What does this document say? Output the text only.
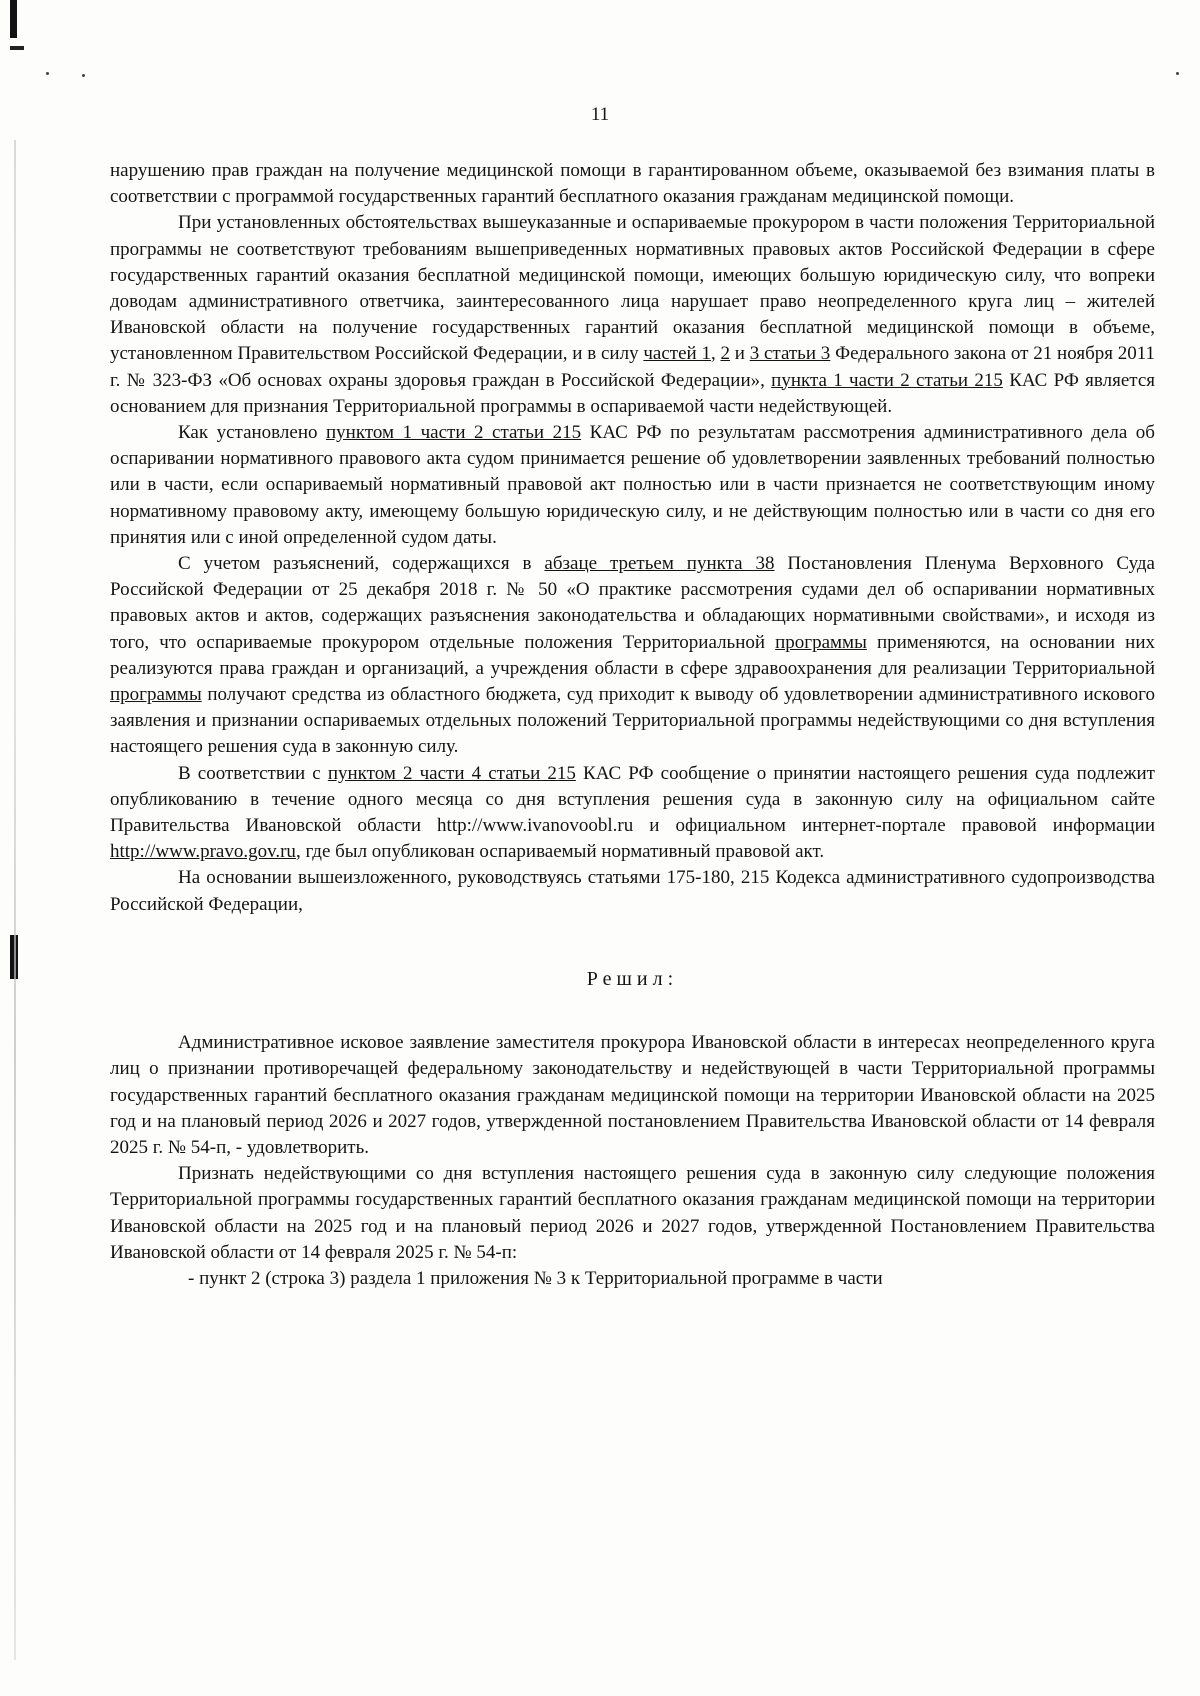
11

нарушению прав граждан на получение медицинской помощи в гарантированном объеме, оказываемой без взимания платы в соответствии с программой государственных гарантий бесплатного оказания гражданам медицинской помощи.

При установленных обстоятельствах вышеуказанные и оспариваемые прокурором в части положения Территориальной программы не соответствуют требованиям вышеприведенных нормативных правовых актов Российской Федерации в сфере государственных гарантий оказания бесплатной медицинской помощи, имеющих большую юридическую силу, что вопреки доводам административного ответчика, заинтересованного лица нарушает право неопределенного круга лиц – жителей Ивановской области на получение государственных гарантий оказания бесплатной медицинской помощи в объеме, установленном Правительством Российской Федерации, и в силу частей 1, 2 и 3 статьи 3 Федерального закона от 21 ноября 2011 г. № 323-ФЗ «Об основах охраны здоровья граждан в Российской Федерации», пункта 1 части 2 статьи 215 КАС РФ является основанием для признания Территориальной программы в оспариваемой части недействующей.

Как установлено пунктом 1 части 2 статьи 215 КАС РФ по результатам рассмотрения административного дела об оспаривании нормативного правового акта судом принимается решение об удовлетворении заявленных требований полностью или в части, если оспариваемый нормативный правовой акт полностью или в части признается не соответствующим иному нормативному правовому акту, имеющему большую юридическую силу, и не действующим полностью или в части со дня его принятия или с иной определенной судом даты.

С учетом разъяснений, содержащихся в абзаце третьем пункта 38 Постановления Пленума Верховного Суда Российской Федерации от 25 декабря 2018 г. № 50 «О практике рассмотрения судами дел об оспаривании нормативных правовых актов и актов, содержащих разъяснения законодательства и обладающих нормативными свойствами», и исходя из того, что оспариваемые прокурором отдельные положения Территориальной программы применяются, на основании них реализуются права граждан и организаций, а учреждения области в сфере здравоохранения для реализации Территориальной программы получают средства из областного бюджета, суд приходит к выводу об удовлетворении административного искового заявления и признании оспариваемых отдельных положений Территориальной программы недействующими со дня вступления настоящего решения суда в законную силу.

В соответствии с пунктом 2 части 4 статьи 215 КАС РФ сообщение о принятии настоящего решения суда подлежит опубликованию в течение одного месяца со дня вступления решения суда в законную силу на официальном сайте Правительства Ивановской области http://www.ivanovoobl.ru и официальном интернет-портале правовой информации http://www.pravo.gov.ru, где был опубликован оспариваемый нормативный правовой акт.

На основании вышеизложенного, руководствуясь статьями 175-180, 215 Кодекса административного судопроизводства Российской Федерации,

Решил:

Административное исковое заявление заместителя прокурора Ивановской области в интересах неопределенного круга лиц о признании противоречащей федеральному законодательству и недействующей в части Территориальной программы государственных гарантий бесплатного оказания гражданам медицинской помощи на территории Ивановской области на 2025 год и на плановый период 2026 и 2027 годов, утвержденной постановлением Правительства Ивановской области от 14 февраля 2025 г. № 54-п, - удовлетворить.

Признать недействующими со дня вступления настоящего решения суда в законную силу следующие положения Территориальной программы государственных гарантий бесплатного оказания гражданам медицинской помощи на территории Ивановской области на 2025 год и на плановый период 2026 и 2027 годов, утвержденной Постановлением Правительства Ивановской области от 14 февраля 2025 г. № 54-п:

- пункт 2 (строка 3) раздела 1 приложения № 3 к Территориальной программе в части
